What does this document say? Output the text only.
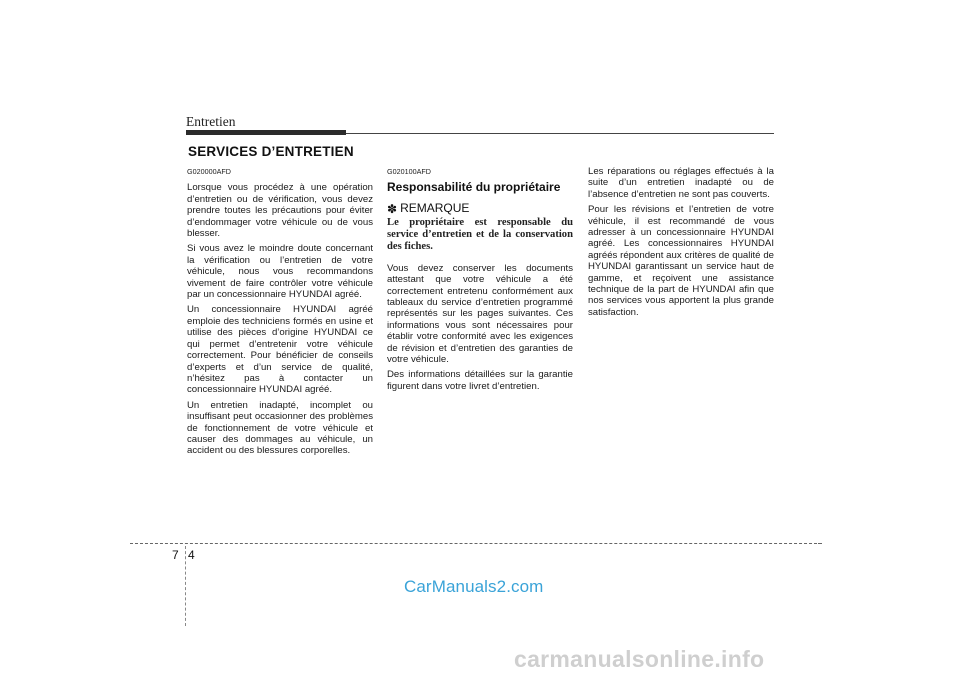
Entretien
SERVICES D’ENTRETIEN
G020000AFD

Lorsque vous procédez à une opération d’entretien ou de vérification, vous devez prendre toutes les précautions pour éviter d’endommager votre véhicule ou de vous blesser.

Si vous avez le moindre doute concernant la vérification ou l’entretien de votre véhicule, nous vous recommandons vivement de faire contrôler votre véhicule par un concessionnaire HYUNDAI agréé.

Un concessionnaire HYUNDAI agréé emploie des techniciens formés en usine et utilise des pièces d’origine HYUNDAI ce qui permet d’entretenir votre véhicule correctement. Pour bénéficier de conseils d’experts et d’un service de qualité, n’hésitez pas à contacter un concessionnaire HYUNDAI agréé.

Un entretien inadapté, incomplet ou insuffisant peut occasionner des problèmes de fonctionnement de votre véhicule et causer des dommages au véhicule, un accident ou des blessures corporelles.

G020100AFD
Responsabilité du propriétaire
✽ REMARQUE

Le propriétaire est responsable du service d’entretien et de la conservation des fiches.

Vous devez conserver les documents attestant que votre véhicule a été correctement entretenu conformément aux tableaux du service d’entretien programmé représentés sur les pages suivantes. Ces informations vous sont nécessaires pour établir votre conformité avec les exigences de révision et d’entretien des garanties de votre véhicule.

Des informations détaillées sur la garantie figurent dans votre livret d’entretien.

Les réparations ou réglages effectués à la suite d’un entretien inadapté ou de l’absence d’entretien ne sont pas couverts.

Pour les révisions et l’entretien de votre véhicule, il est recommandé de vous adresser à un concessionnaire HYUNDAI agréé. Les concessionnaires HYUNDAI agréés répondent aux critères de qualité de HYUNDAI garantissant un service haut de gamme, et reçoivent une assistance technique de la part de HYUNDAI afin que nos services vous apportent la plus grande satisfaction.

7 4
CarManuals2.com
carmanualsonline.info
